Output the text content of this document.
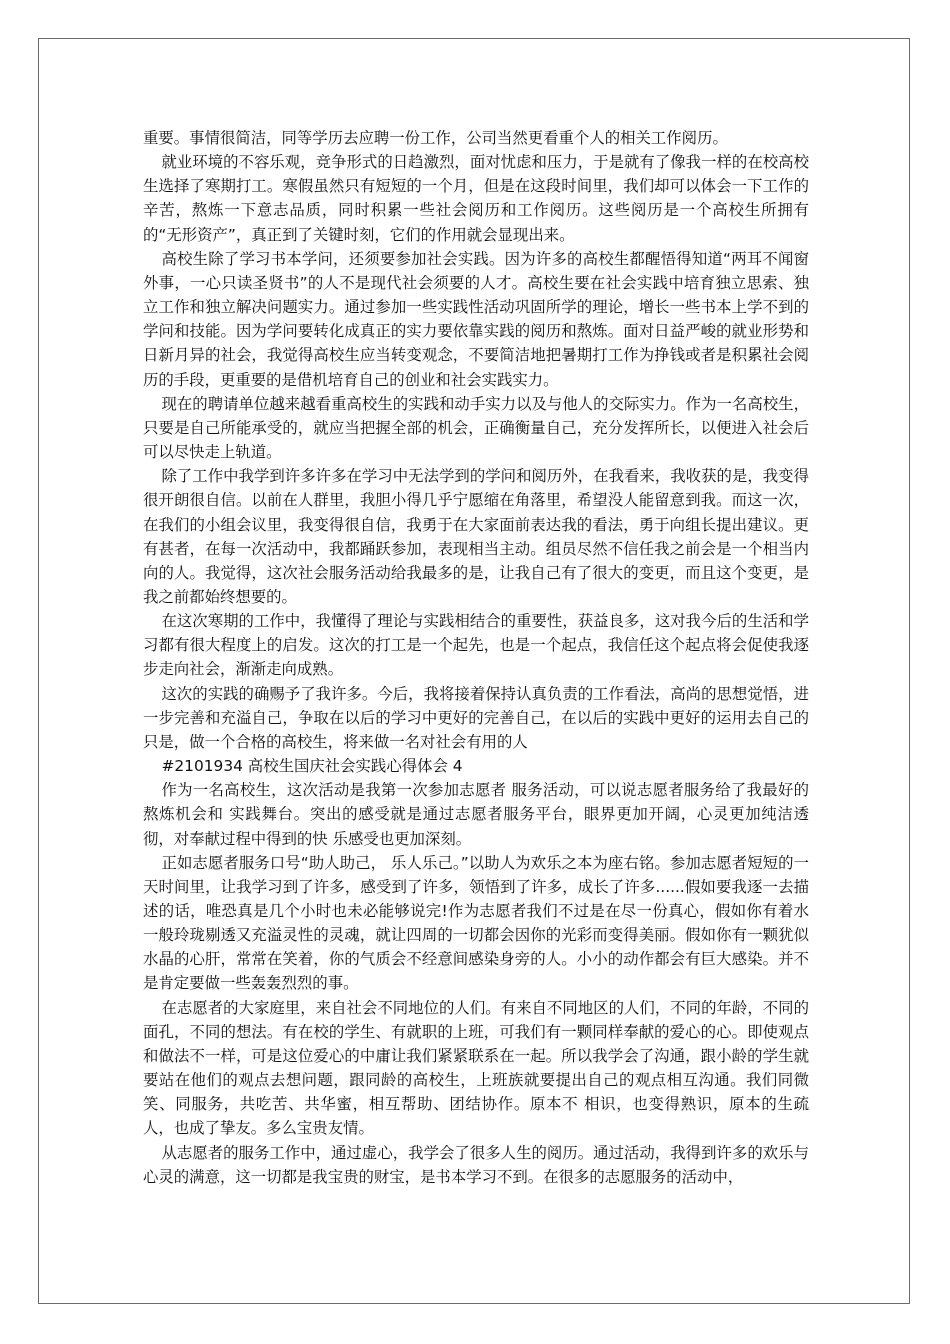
重要。事情很简洁，同等学历去应聘一份工作，公司当然更看重个人的相关工作阅历。

就业环境的不容乐观，竞争形式的日趋激烈，面对忧虑和压力，于是就有了像我一样的在校高校生选择了寒期打工。寒假虽然只有短短的一个月，但是在这段时间里，我们却可以体会一下工作的辛苦，熬炼一下意志品质，同时积累一些社会阅历和工作阅历。这些阅历是一个高校生所拥有的“无形资产”，真正到了关键时刻，它们的作用就会显现出来。

高校生除了学习书本学问，还须要参加社会实践。因为许多的高校生都醒悟得知道“两耳不闻窗外事，一心只读圣贤书”的人不是现代社会须要的人才。高校生要在社会实践中培育独立思索、独立工作和独立解决问题实力。通过参加一些实践性活动巩固所学的理论，增长一些书本上学不到的学问和技能。因为学问要转化成真正的实力要依靠实践的阅历和熬炼。面对日益严峻的就业形势和日新月异的社会，我觉得高校生应当转变观念，不要简洁地把暑期打工作为挣钱或者是积累社会阅历的手段，更重要的是借机培育自己的创业和社会实践实力。

现在的聘请单位越来越看重高校生的实践和动手实力以及与他人的交际实力。作为一名高校生，只要是自己所能承受的，就应当把握全部的机会，正确衡量自己，充分发挥所长，以便进入社会后可以尽快走上轨道。

除了工作中我学到许多许多在学习中无法学到的学问和阅历外，在我看来，我收获的是，我变得很开朗很自信。以前在人群里，我胆小得几乎宁愿缩在角落里，希望没人能留意到我。而这一次，在我们的小组会议里，我变得很自信，我勇于在大家面前表达我的看法，勇于向组长提出建议。更有甚者，在每一次活动中，我都踊跃参加，表现相当主动。组员尽然不信任我之前会是一个相当内向的人。我觉得，这次社会服务活动给我最多的是，让我自己有了很大的变更，而且这个变更，是我之前都始终想要的。

在这次寒期的工作中，我懂得了理论与实践相结合的重要性，获益良多，这对我今后的生活和学习都有很大程度上的启发。这次的打工是一个起先，也是一个起点，我信任这个起点将会促使我逐步走向社会，渐渐走向成熟。

这次的实践的确赐予了我许多。今后，我将接着保持认真负责的工作看法，高尚的思想觉悟，进一步完善和充溢自己，争取在以后的学习中更好的完善自己，在以后的实践中更好的运用去自己的只是，做一个合格的高校生，将来做一名对社会有用的人

#2101934 高校生国庆社会实践心得体会 4

作为一名高校生，这次活动是我第一次参加志愿者 服务活动，可以说志愿者服务给了我最好的熬炼机会和 实践舞台。突出的感受就是通过志愿者服务平台，眼界更加开阔，心灵更加纯洁透彻，对奉献过程中得到的快 乐感受也更加深刻。

正如志愿者服务口号“助人助己， 乐人乐己。”以助人为欢乐之本为座右铭。参加志愿者短短的一天时间里，让我学习到了许多，感受到了许多，领悟到了许多，成长了许多......假如要我逐一去描述的话，唯恐真是几个小时也未必能够说完!作为志愿者我们不过是在尽一份真心，假如你有着水一般玲珑剔透又充溢灵性的灵魂，就让四周的一切都会因你的光彩而变得美丽。假如你有一颗犹似水晶的心肝，常常在笑着，你的气质会不经意间感染身旁的人。小小的动作都会有巨大感染。并不是肯定要做一些轰轰烈烈的事。

在志愿者的大家庭里，来自社会不同地位的人们。有来自不同地区的人们，不同的年龄，不同的面孔，不同的想法。有在校的学生、有就职的上班，可我们有一颗同样奉献的爱心的心。即使观点和做法不一样，可是这位爱心的中庸让我们紧紧联系在一起。所以我学会了沟通，跟小龄的学生就要站在他们的观点去想问题，跟同龄的高校生，上班族就要提出自己的观点相互沟通。我们同微笑、同服务，共吃苦、共华蜜，相互帮助、团结协作。原本不 相识，也变得熟识，原本的生疏人，也成了挚友。多么宝贵友情。

从志愿者的服务工作中，通过虚心，我学会了很多人生的阅历。通过活动，我得到许多的欢乐与心灵的满意，这一切都是我宝贵的财宝，是书本学习不到。在很多的志愿服务的活动中，
